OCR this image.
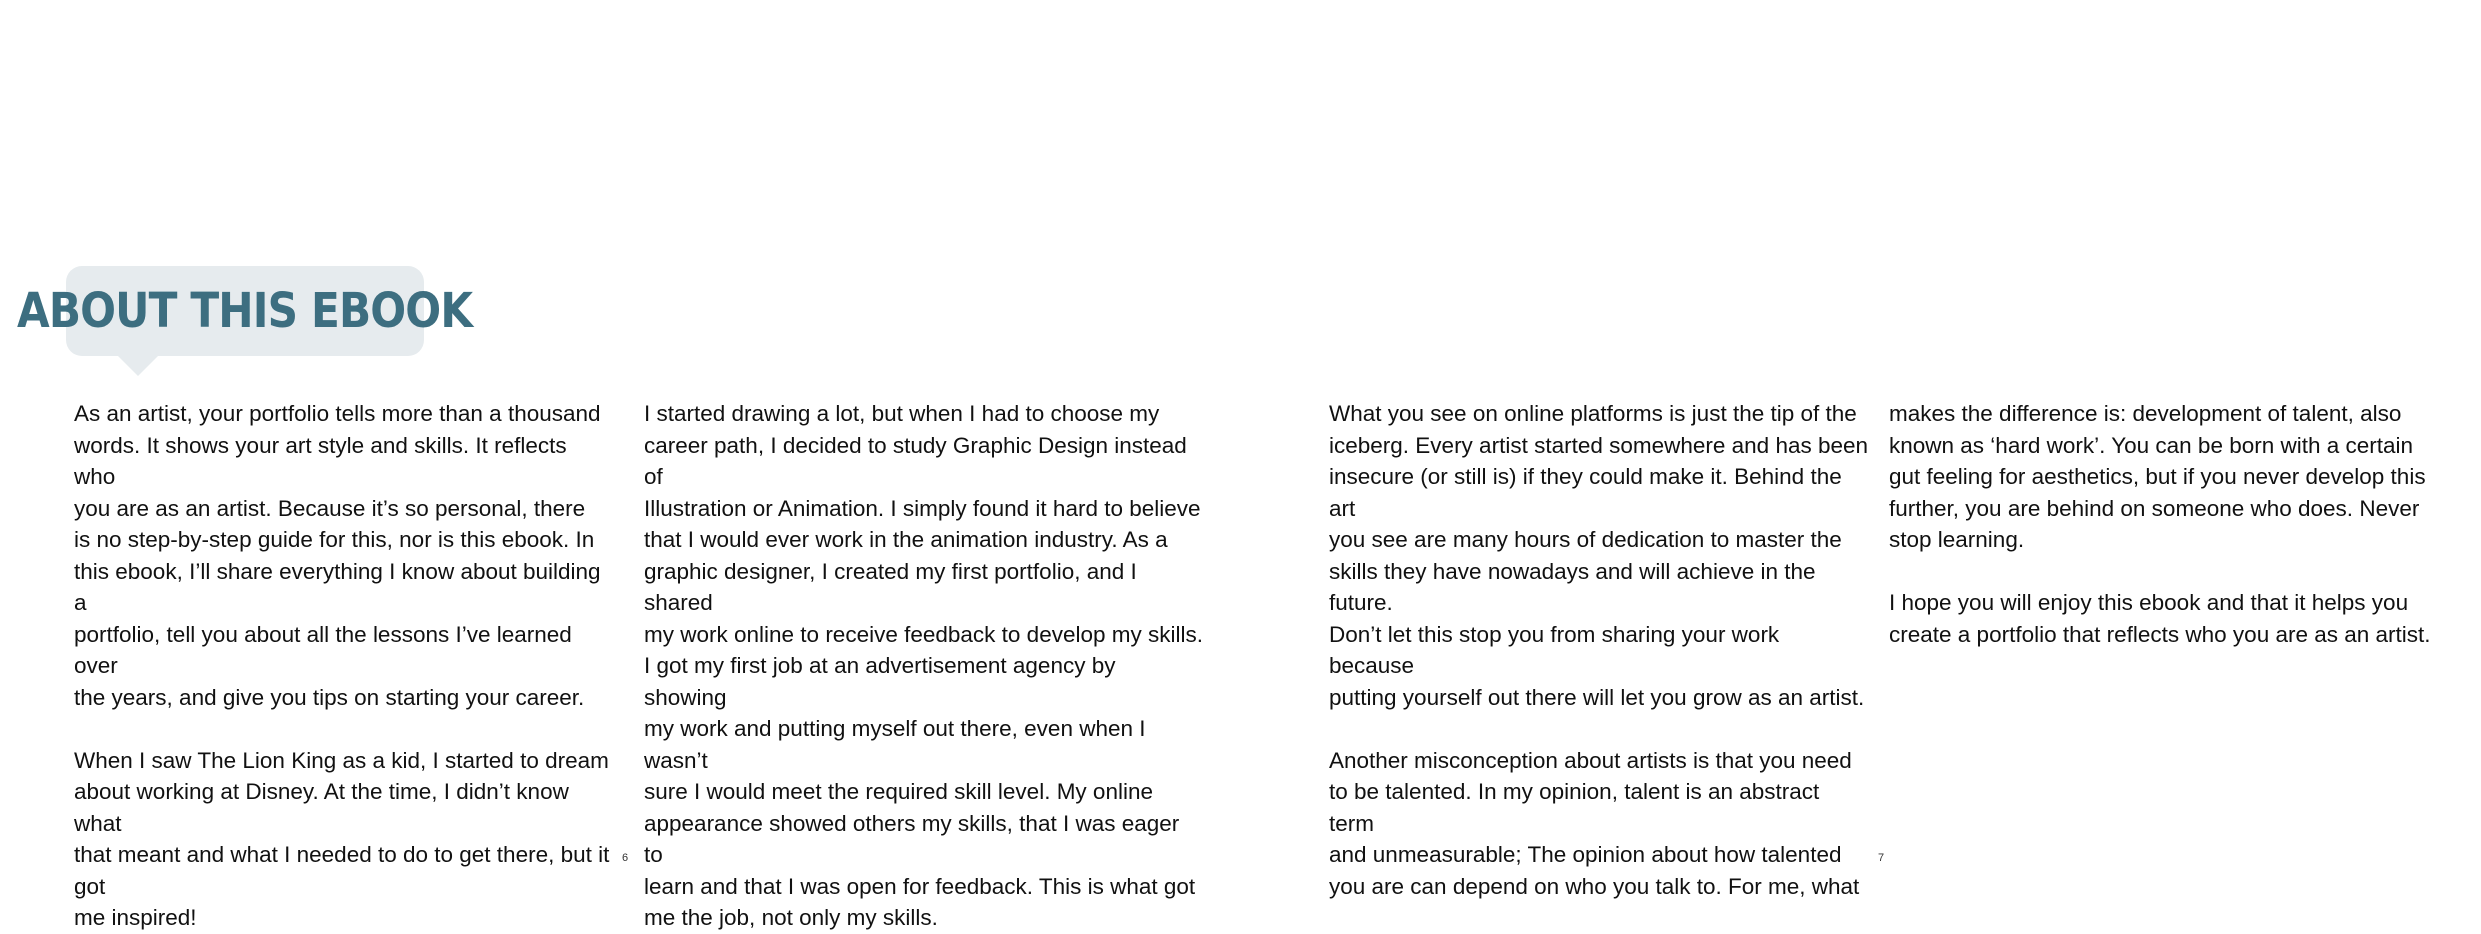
ABOUT THIS EBOOK

As an artist, your portfolio tells more than a thousand
words. It shows your art style and skills. It reflects who
you are as an artist. Because it’s so personal, there
is no step-by-step guide for this, nor is this ebook. In
this ebook, I’ll share everything I know about building a
portfolio, tell you about all the lessons I’ve learned over
the years, and give you tips on starting your career.

When I saw The Lion King as a kid, I started to dream
about working at Disney. At the time, I didn’t know what
that meant and what I needed to do to get there, but it got
me inspired!

I started drawing a lot, but when I had to choose my
career path, I decided to study Graphic Design instead of
Illustration or Animation. I simply found it hard to believe
that I would ever work in the animation industry. As a
graphic designer, I created my first portfolio, and I shared
my work online to receive feedback to develop my skills.
I got my first job at an advertisement agency by showing
my work and putting myself out there, even when I wasn’t
sure I would meet the required skill level. My online
appearance showed others my skills, that I was eager to
learn and that I was open for feedback. This is what got
me the job, not only my skills.

6

What you see on online platforms is just the tip of the
iceberg. Every artist started somewhere and has been
insecure (or still is) if they could make it. Behind the art
you see are many hours of dedication to master the
skills they have nowadays and will achieve in the future.
Don’t let this stop you from sharing your work because
putting yourself out there will let you grow as an artist.

Another misconception about artists is that you need
to be talented. In my opinion, talent is an abstract term
and unmeasurable; The opinion about how talented
you are can depend on who you talk to. For me, what

makes the difference is: development of talent, also
known as ‘hard work’. You can be born with a certain
gut feeling for aesthetics, but if you never develop this
further, you are behind on someone who does. Never
stop learning.

I hope you will enjoy this ebook and that it helps you
create a portfolio that reflects who you are as an artist.

7
